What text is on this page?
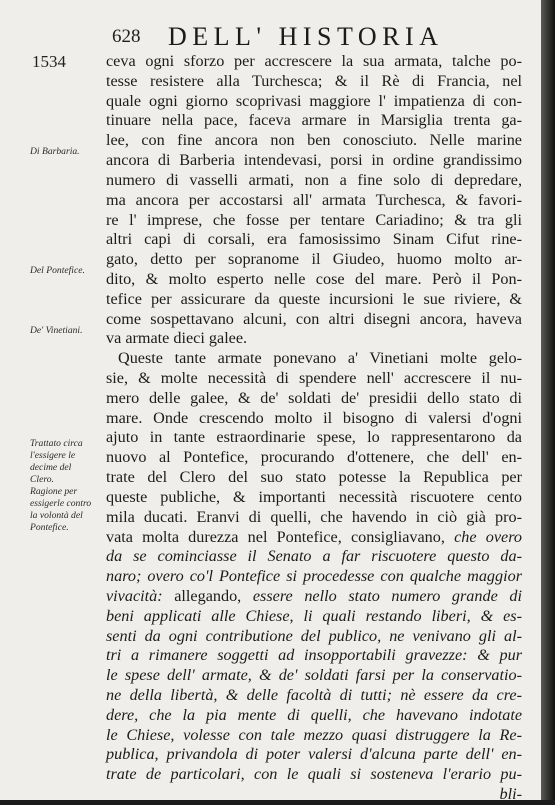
628 DELL' HISTORIA
1534
Di Barbaria.
Del Pontefice.
De' Vinetiani.
Trattato circa l'essigere le decime del Clero.
Ragione per essigerle contro la volontà del Pontefice.
ceva ogni sforzo per accrescere la sua armata, talche po-
tesse resistere alla Turchesca; & il Rè di Francia, nel
quale ogni giorno scoprivasi maggiore l' impatienza di con-
tinuare nella pace, faceva armare in Marsiglia trenta ga-
lee, con fine ancora non ben conosciuto. Nelle marine
ancora di Barberia intendevasi, porsi in ordine grandissimo
numero di vasselli armati, non a fine solo di depredare,
ma ancora per accostarsi all' armata Turchesca, & favori-
re l' imprese, che fosse per tentare Cariadino; & tra gli
altri capi di corsali, era famosissimo Sinam Cifut rine-
gato, detto per sopranome il Giudeo, huomo molto ar-
dito, & molto esperto nelle cose del mare. Però il Pon-
tefice per assicurare da queste incursioni le sue riviere, &
come sospettavano alcuni, con altri disegni ancora, haveva
va armate dieci galee.
Queste tante armate ponevano a' Vinetiani molte gelo-
sie, & molte necessità di spendere nell' accrescere il nu-
mero delle galee, & de' soldati de' presidii dello stato di
mare. Onde crescendo molto il bisogno di valersi d'ogni
ajuto in tante estraordinarie spese, lo rappresentarono da
nuovo al Pontefice, procurando d'ottenere, che dell' en-
trate del Clero del suo stato potesse la Republica per
queste publiche, & importanti necessità riscuotere cento
mila ducati. Eranvi di quelli, che havendo in ciò già pro-
vata molta durezza nel Pontefice, consigliavano, che overo
da se cominciasse il Senato a far riscuotere questo da-
naro; overo co'l Pontefice si procedesse con qualche maggior
vivacità: allegando, essere nello stato numero grande di
beni applicati alle Chiese, li quali restando liberi, & es-
senti da ogni contributione del publico, ne venivano gli al-
tri a rimanere soggetti ad insopportabili gravezze: & pur
le spese dell' armate, & de' soldati farsi per la conservatio-
ne della libertà, & delle facoltà di tutti; nè essere da cre-
dere, che la pia mente di quelli, che havevano indotate
le Chiese, volesse con tale mezzo quasi distruggere la Re-
publica, privandola di poter valersi d'alcuna parte dell' en-
trate de particolari, con le quali si sosteneva l'erario pu-
bli-
